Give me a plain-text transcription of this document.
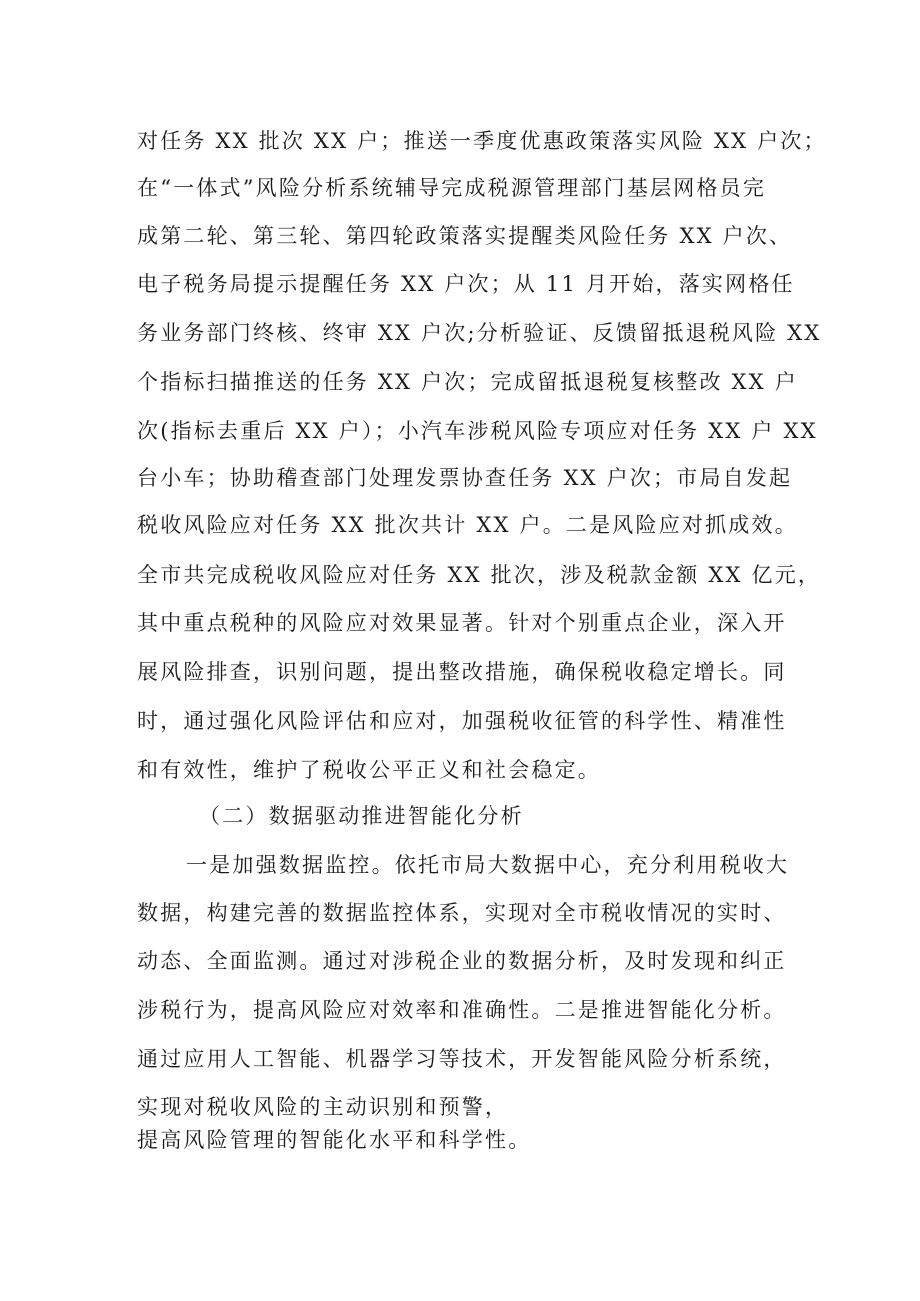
对任务 XX 批次 XX 户；推送一季度优惠政策落实风险 XX 户次；
在“一体式”风险分析系统辅导完成税源管理部门基层网格员完
成第二轮、第三轮、第四轮政策落实提醒类风险任务 XX 户次、
电子税务局提示提醒任务 XX 户次；从 11 月开始，落实网格任
务业务部门终核、终审 XX 户次;分析验证、反馈留抵退税风险 XX
个指标扫描推送的任务 XX 户次；完成留抵退税复核整改 XX 户
次(指标去重后 XX 户）；小汽车涉税风险专项应对任务 XX 户 XX
台小车；协助稽查部门处理发票协查任务 XX 户次；市局自发起
税收风险应对任务 XX 批次共计 XX 户。二是风险应对抓成效。
全市共完成税收风险应对任务 XX 批次，涉及税款金额 XX 亿元，
其中重点税种的风险应对效果显著。针对个别重点企业，深入开
展风险排查，识别问题，提出整改措施，确保税收稳定增长。同
时，通过强化风险评估和应对，加强税收征管的科学性、精准性
和有效性，维护了税收公平正义和社会稳定。
（二）数据驱动推进智能化分析
一是加强数据监控。依托市局大数据中心，充分利用税收大
数据，构建完善的数据监控体系，实现对全市税收情况的实时、
动态、全面监测。通过对涉税企业的数据分析，及时发现和纠正
涉税行为，提高风险应对效率和准确性。二是推进智能化分析。
通过应用人工智能、机器学习等技术，开发智能风险分析系统，
实现对税收风险的主动识别和预警，
提高风险管理的智能化水平和科学性。
